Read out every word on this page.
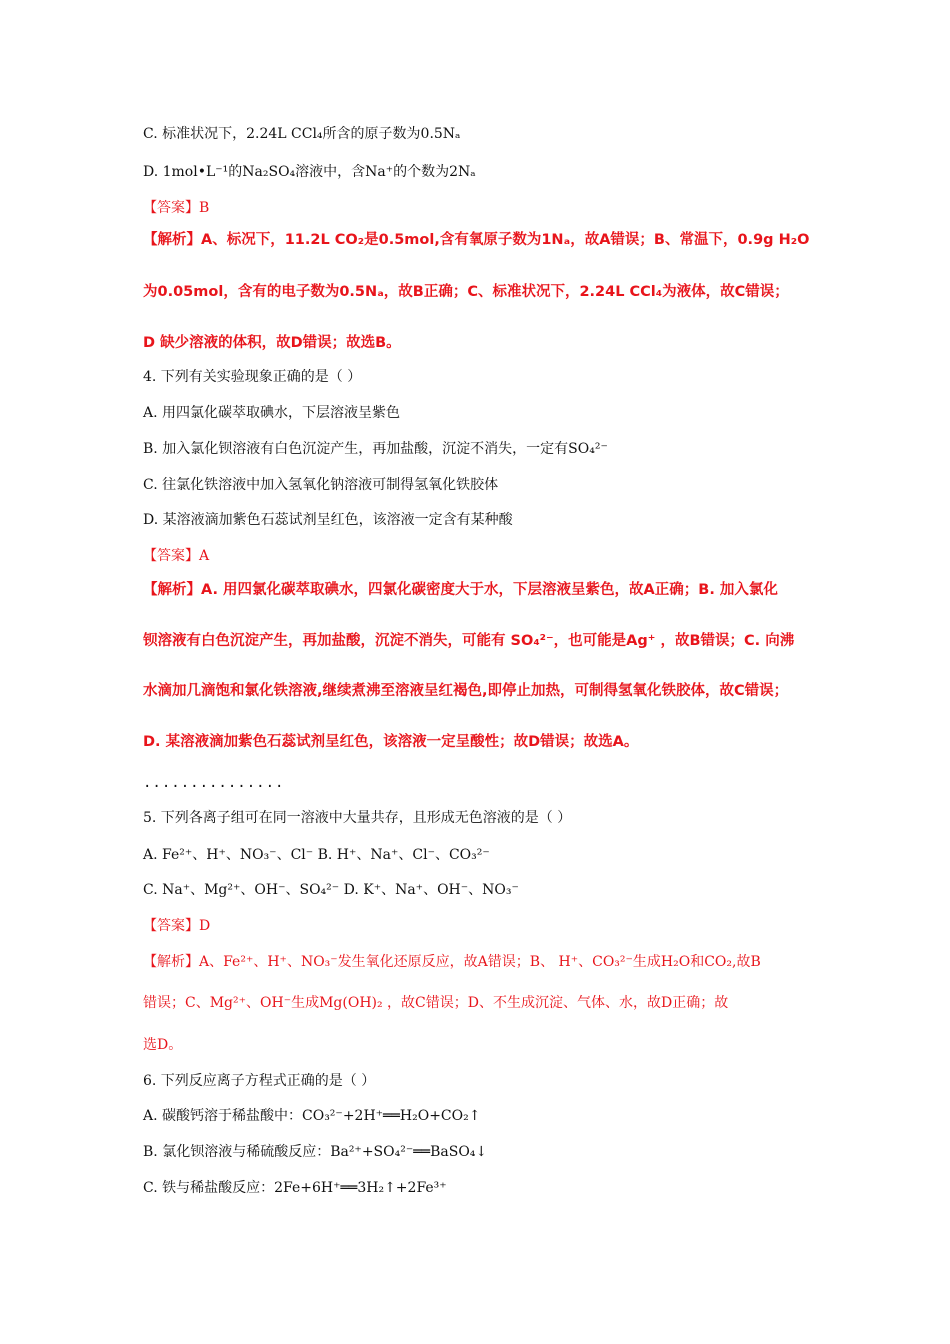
C. 标准状况下，2.24L CCl₄所含的原子数为0.5Nₐ
D. 1mol•L⁻¹的Na₂SO₄溶液中，含Na⁺的个数为2Nₐ
【答案】B
【解析】A、标况下，11.2L CO₂是0.5mol,含有氧原子数为1Nₐ，故A错误；B、常温下，0.9g H₂O
为0.05mol，含有的电子数为0.5Nₐ，故B正确；C、标准状况下，2.24L CCl₄为液体，故C错误；
D 缺少溶液的体积，故D错误；故选B。
4. 下列有关实验现象正确的是（ ）
A. 用四氯化碳萃取碘水，下层溶液呈紫色
B. 加入氯化钡溶液有白色沉淀产生，再加盐酸，沉淀不消失，一定有SO₄²⁻
C. 往氯化铁溶液中加入氢氧化钠溶液可制得氢氧化铁胶体
D. 某溶液滴加紫色石蕊试剂呈红色，该溶液一定含有某种酸
【答案】A
【解析】A. 用四氯化碳萃取碘水，四氯化碳密度大于水，下层溶液呈紫色，故A正确；B. 加入氯化
钡溶液有白色沉淀产生，再加盐酸，沉淀不消失，可能有 SO₄²⁻，也可能是Ag⁺ ，故B错误；C. 向沸
水滴加几滴饱和氯化铁溶液,继续煮沸至溶液呈红褐色,即停止加热，可制得氢氧化铁胶体，故C错误；
D. 某溶液滴加紫色石蕊试剂呈红色，该溶液一定呈酸性；故D错误；故选A。
...............
5. 下列各离子组可在同一溶液中大量共存，且形成无色溶液的是（ ）
A. Fe²⁺、H⁺、NO₃⁻、Cl⁻ B. H⁺、Na⁺、Cl⁻、CO₃²⁻
C. Na⁺、Mg²⁺、OH⁻、SO₄²⁻ D. K⁺、Na⁺、OH⁻、NO₃⁻
【答案】D
【解析】A、Fe²⁺、H⁺、NO₃⁻发生氧化还原反应，故A错误；B、 H⁺、CO₃²⁻生成H₂O和CO₂,故B
错误；C、Mg²⁺、OH⁻生成Mg(OH)₂ ，故C错误；D、不生成沉淀、气体、水，故D正确；故
选D。
6. 下列反应离子方程式正确的是（ ）
A. 碳酸钙溶于稀盐酸中：CO₃²⁻+2H⁺══H₂O+CO₂↑
B. 氯化钡溶液与稀硫酸反应：Ba²⁺+SO₄²⁻══BaSO₄↓
C. 铁与稀盐酸反应：2Fe+6H⁺══3H₂↑+2Fe³⁺
